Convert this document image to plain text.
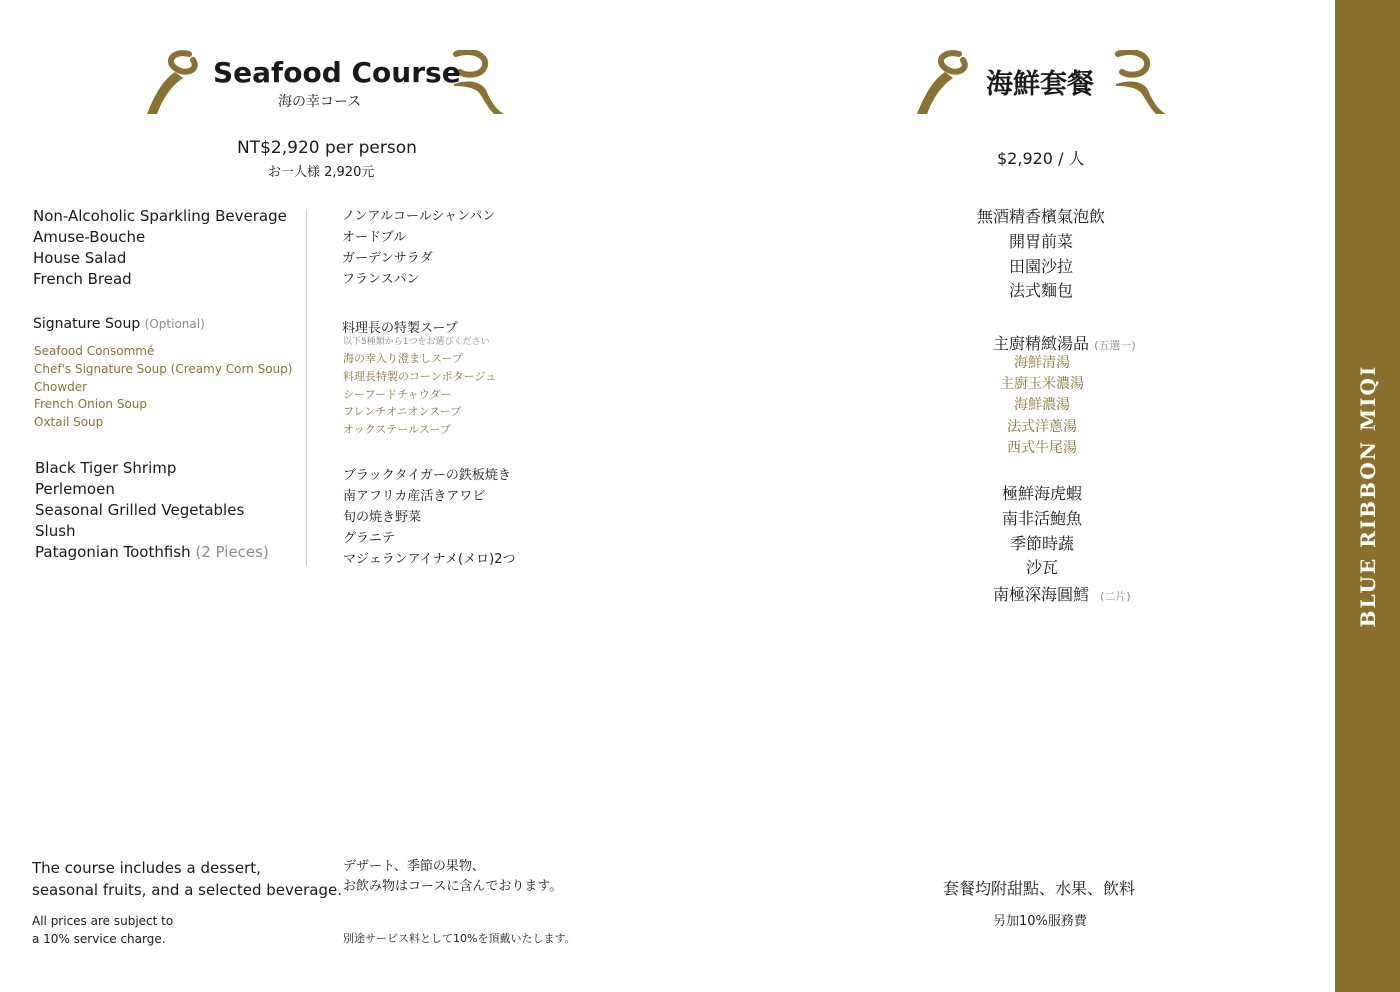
Seafood Course
海の幸コース
NT$2,920 per person
お一人様 2,920元
Non-Alcoholic Sparkling Beverage
Amuse-Bouche
House Salad
French Bread
ノンアルコールシャンパン
オードブル
ガーデンサラダ
フランスパン
Signature Soup (Optional)
Seafood Consommé
Chef's Signature Soup (Creamy Corn Soup)
Chowder
French Onion Soup
Oxtail Soup
料理長の特製スープ
以下5種類から1つをお選びください
海の幸入り澄ましスープ
料理長特製のコーンポタージュ
シーフードチャウダー
フレンチオニオンスープ
オックステールスープ
Black Tiger Shrimp
Perlemoen
Seasonal Grilled Vegetables
Slush
Patagonian Toothfish (2 Pieces)
ブラックタイガーの鉄板焼き
南アフリカ産活きアワビ
旬の焼き野菜
グラニテ
マジェランアイナメ(メロ)2つ
The course includes a dessert,
seasonal fruits, and a selected beverage.
デザート、季節の果物、
お飲み物はコースに含んでおります。
All prices are subject to
a 10% service charge.	別途サービス料として10%を頂戴いたします。
海鮮套餐
$2,920 / 人
無酒精香檳氣泡飲
開胃前菜
田園沙拉
法式麵包
主廚精緻湯品 (五選一)
海鮮清湯
主廚玉米濃湯
海鮮濃湯
法式洋蔥湯
西式牛尾湯
極鮮海虎蝦
南非活鮑魚
季節時蔬
沙瓦
南極深海圓鱈 (二片)
套餐均附甜點、水果、飲料
另加10%服務費
BLUE RIBBON MIQI
